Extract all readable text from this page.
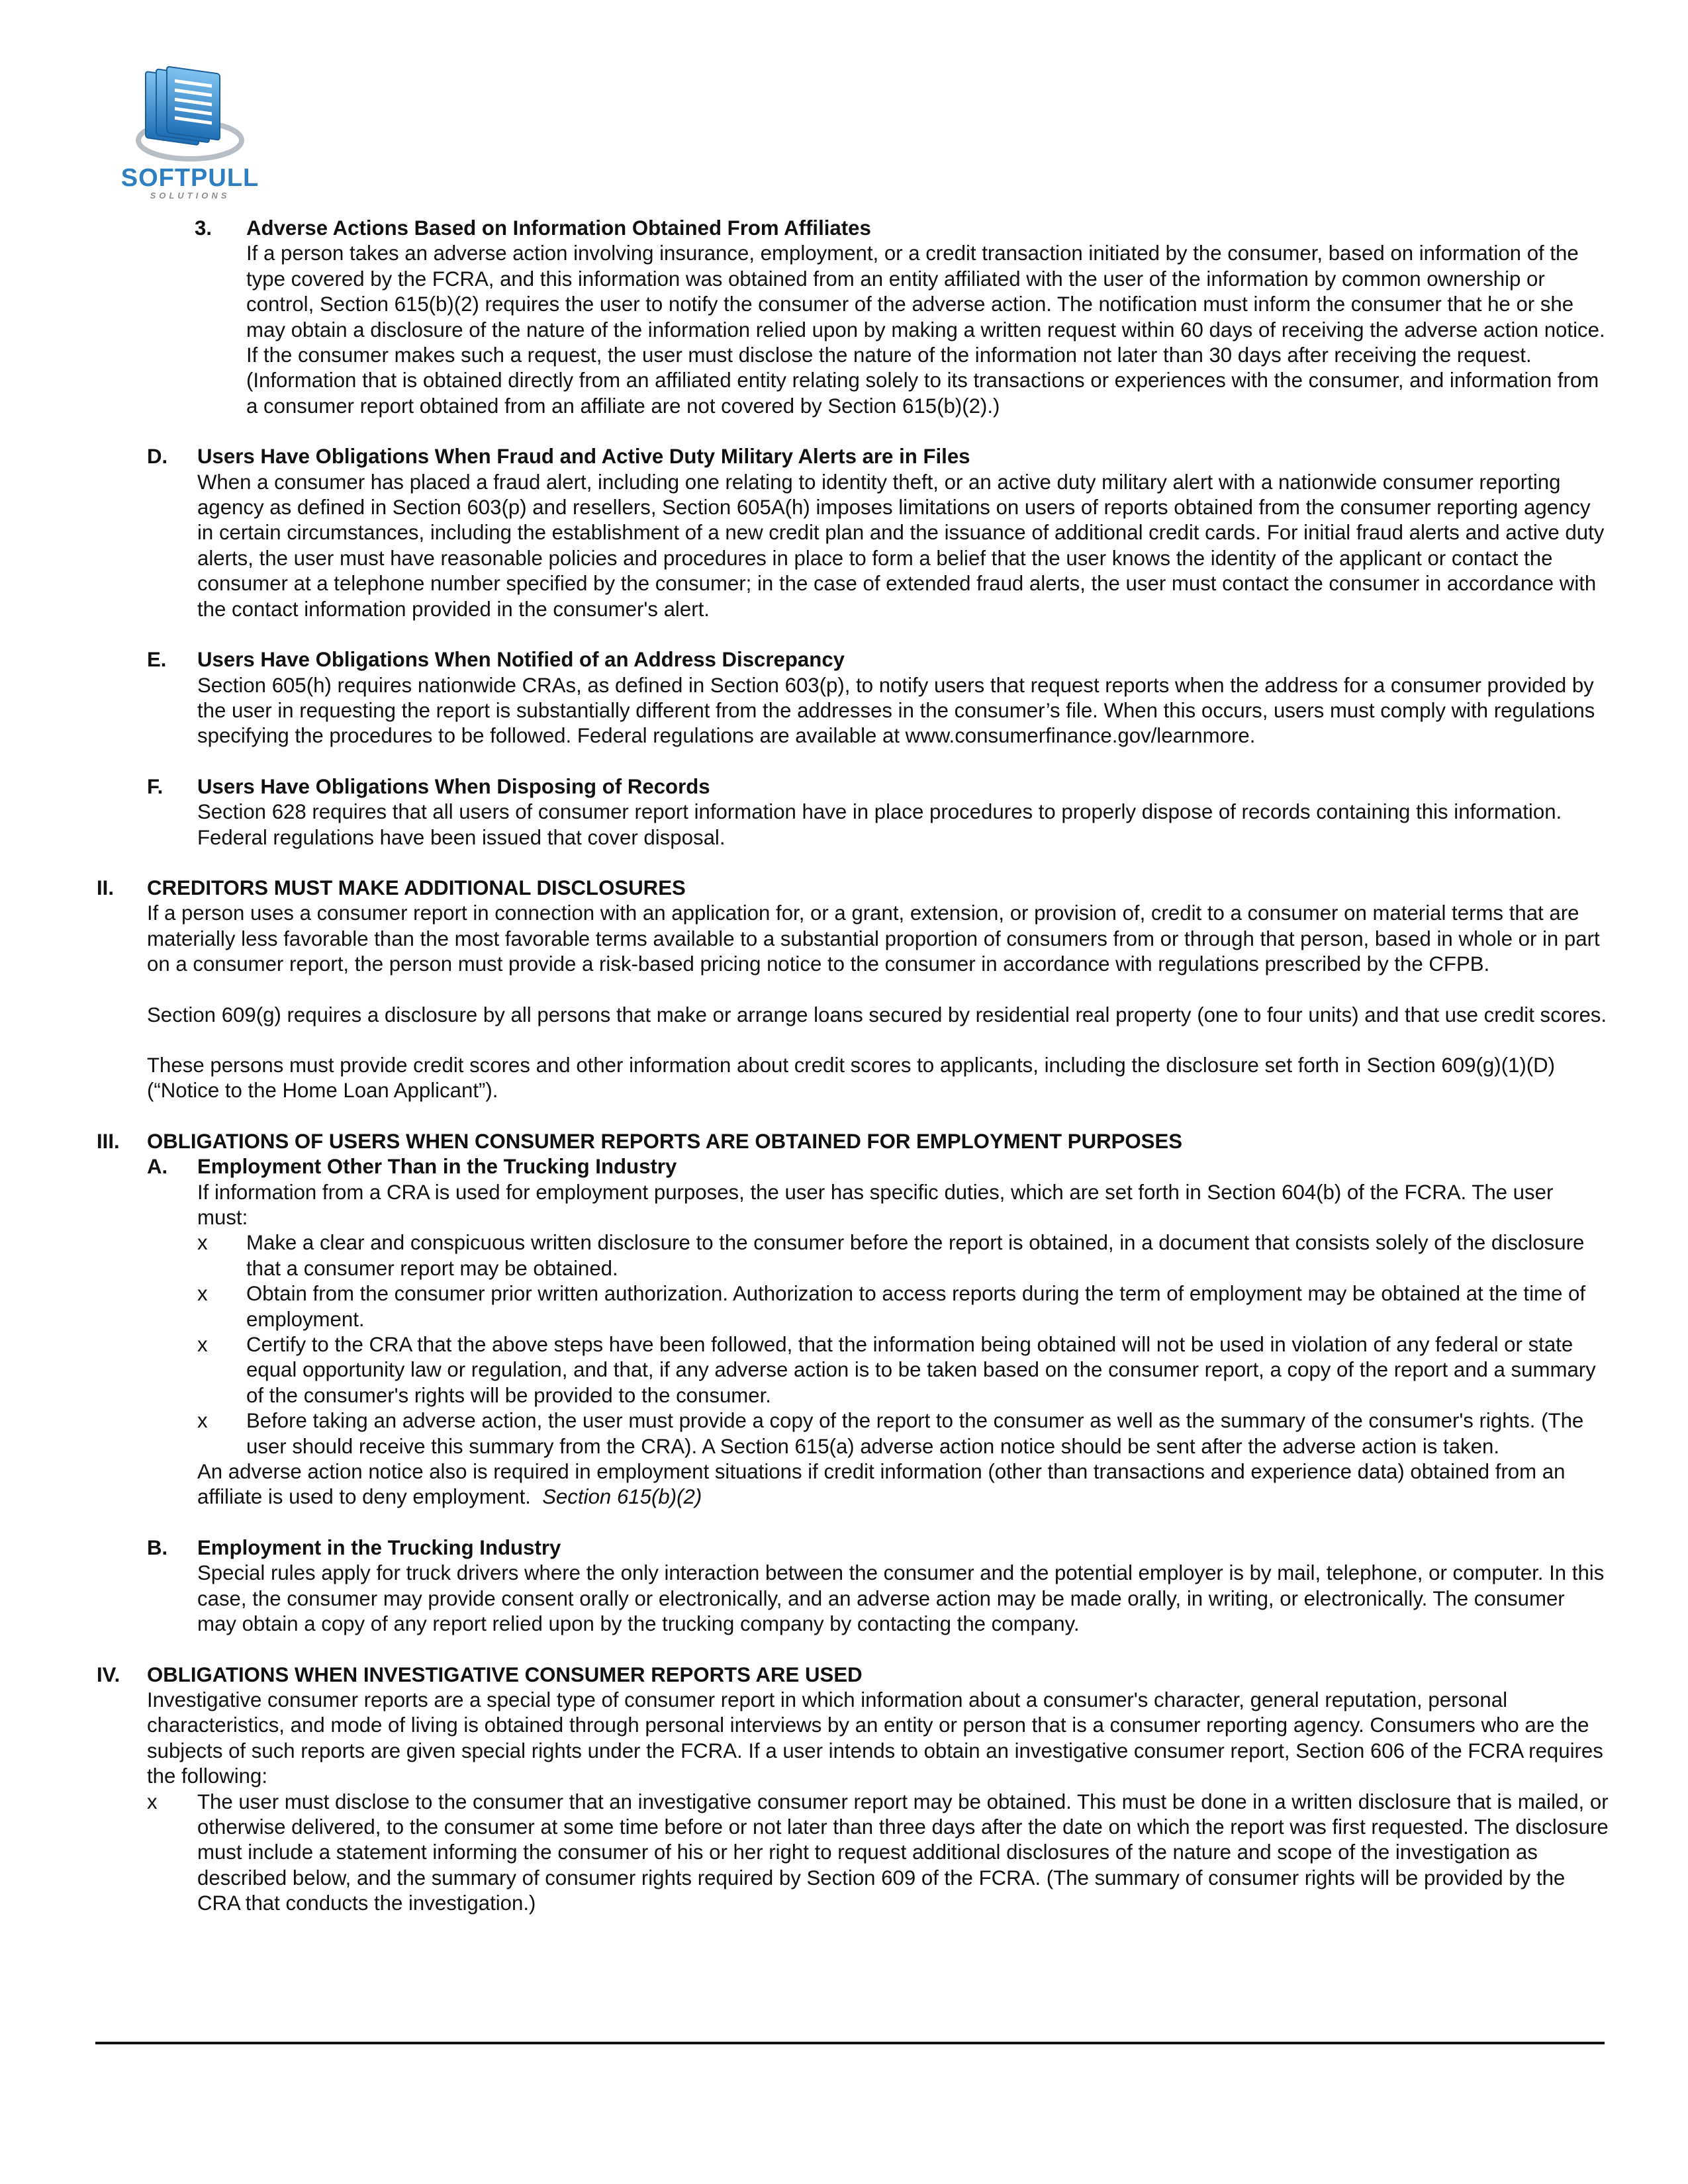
SOFTPULL
SOLUTIONS
3. Adverse Actions Based on Information Obtained From Affiliates

If a person takes an adverse action involving insurance, employment, or a credit transaction initiated by the consumer, based on information of the type covered by the FCRA, and this information was obtained from an entity affiliated with the user of the information by common ownership or control, Section 615(b)(2) requires the user to notify the consumer of the adverse action. The notification must inform the consumer that he or she may obtain a disclosure of the nature of the information relied upon by making a written request within 60 days of receiving the adverse action notice. If the consumer makes such a request, the user must disclose the nature of the information not later than 30 days after receiving the request. (Information that is obtained directly from an affiliated entity relating solely to its transactions or experiences with the consumer, and information from a consumer report obtained from an affiliate are not covered by Section 615(b)(2).)

D. Users Have Obligations When Fraud and Active Duty Military Alerts are in Files

When a consumer has placed a fraud alert, including one relating to identity theft, or an active duty military alert with a nationwide consumer reporting agency as defined in Section 603(p) and resellers, Section 605A(h) imposes limitations on users of reports obtained from the consumer reporting agency in certain circumstances, including the establishment of a new credit plan and the issuance of additional credit cards. For initial fraud alerts and active duty alerts, the user must have reasonable policies and procedures in place to form a belief that the user knows the identity of the applicant or contact the consumer at a telephone number specified by the consumer; in the case of extended fraud alerts, the user must contact the consumer in accordance with the contact information provided in the consumer's alert.

E. Users Have Obligations When Notified of an Address Discrepancy

Section 605(h) requires nationwide CRAs, as defined in Section 603(p), to notify users that request reports when the address for a consumer provided by the user in requesting the report is substantially different from the addresses in the consumer’s file. When this occurs, users must comply with regulations specifying the procedures to be followed. Federal regulations are available at www.consumerfinance.gov/learnmore.

F. Users Have Obligations When Disposing of Records

Section 628 requires that all users of consumer report information have in place procedures to properly dispose of records containing this information. Federal regulations have been issued that cover disposal.

II. CREDITORS MUST MAKE ADDITIONAL DISCLOSURES

If a person uses a consumer report in connection with an application for, or a grant, extension, or provision of, credit to a consumer on material terms that are materially less favorable than the most favorable terms available to a substantial proportion of consumers from or through that person, based in whole or in part on a consumer report, the person must provide a risk-based pricing notice to the consumer in accordance with regulations prescribed by the CFPB.

Section 609(g) requires a disclosure by all persons that make or arrange loans secured by residential real property (one to four units) and that use credit scores.

These persons must provide credit scores and other information about credit scores to applicants, including the disclosure set forth in Section 609(g)(1)(D) (“Notice to the Home Loan Applicant”).

III. OBLIGATIONS OF USERS WHEN CONSUMER REPORTS ARE OBTAINED FOR EMPLOYMENT PURPOSES

A. Employment Other Than in the Trucking Industry

If information from a CRA is used for employment purposes, the user has specific duties, which are set forth in Section 604(b) of the FCRA. The user must:

x Make a clear and conspicuous written disclosure to the consumer before the report is obtained, in a document that consists solely of the disclosure that a consumer report may be obtained.

x Obtain from the consumer prior written authorization. Authorization to access reports during the term of employment may be obtained at the time of employment.

x Certify to the CRA that the above steps have been followed, that the information being obtained will not be used in violation of any federal or state equal opportunity law or regulation, and that, if any adverse action is to be taken based on the consumer report, a copy of the report and a summary of the consumer's rights will be provided to the consumer.

x Before taking an adverse action, the user must provide a copy of the report to the consumer as well as the summary of the consumer's rights. (The user should receive this summary from the CRA). A Section 615(a) adverse action notice should be sent after the adverse action is taken.

An adverse action notice also is required in employment situations if credit information (other than transactions and experience data) obtained from an affiliate is used to deny employment. Section 615(b)(2)

B. Employment in the Trucking Industry

Special rules apply for truck drivers where the only interaction between the consumer and the potential employer is by mail, telephone, or computer. In this case, the consumer may provide consent orally or electronically, and an adverse action may be made orally, in writing, or electronically. The consumer may obtain a copy of any report relied upon by the trucking company by contacting the company.

IV. OBLIGATIONS WHEN INVESTIGATIVE CONSUMER REPORTS ARE USED

Investigative consumer reports are a special type of consumer report in which information about a consumer's character, general reputation, personal characteristics, and mode of living is obtained through personal interviews by an entity or person that is a consumer reporting agency. Consumers who are the subjects of such reports are given special rights under the FCRA. If a user intends to obtain an investigative consumer report, Section 606 of the FCRA requires the following:

x The user must disclose to the consumer that an investigative consumer report may be obtained. This must be done in a written disclosure that is mailed, or otherwise delivered, to the consumer at some time before or not later than three days after the date on which the report was first requested. The disclosure must include a statement informing the consumer of his or her right to request additional disclosures of the nature and scope of the investigation as described below, and the summary of consumer rights required by Section 609 of the FCRA. (The summary of consumer rights will be provided by the CRA that conducts the investigation.)
